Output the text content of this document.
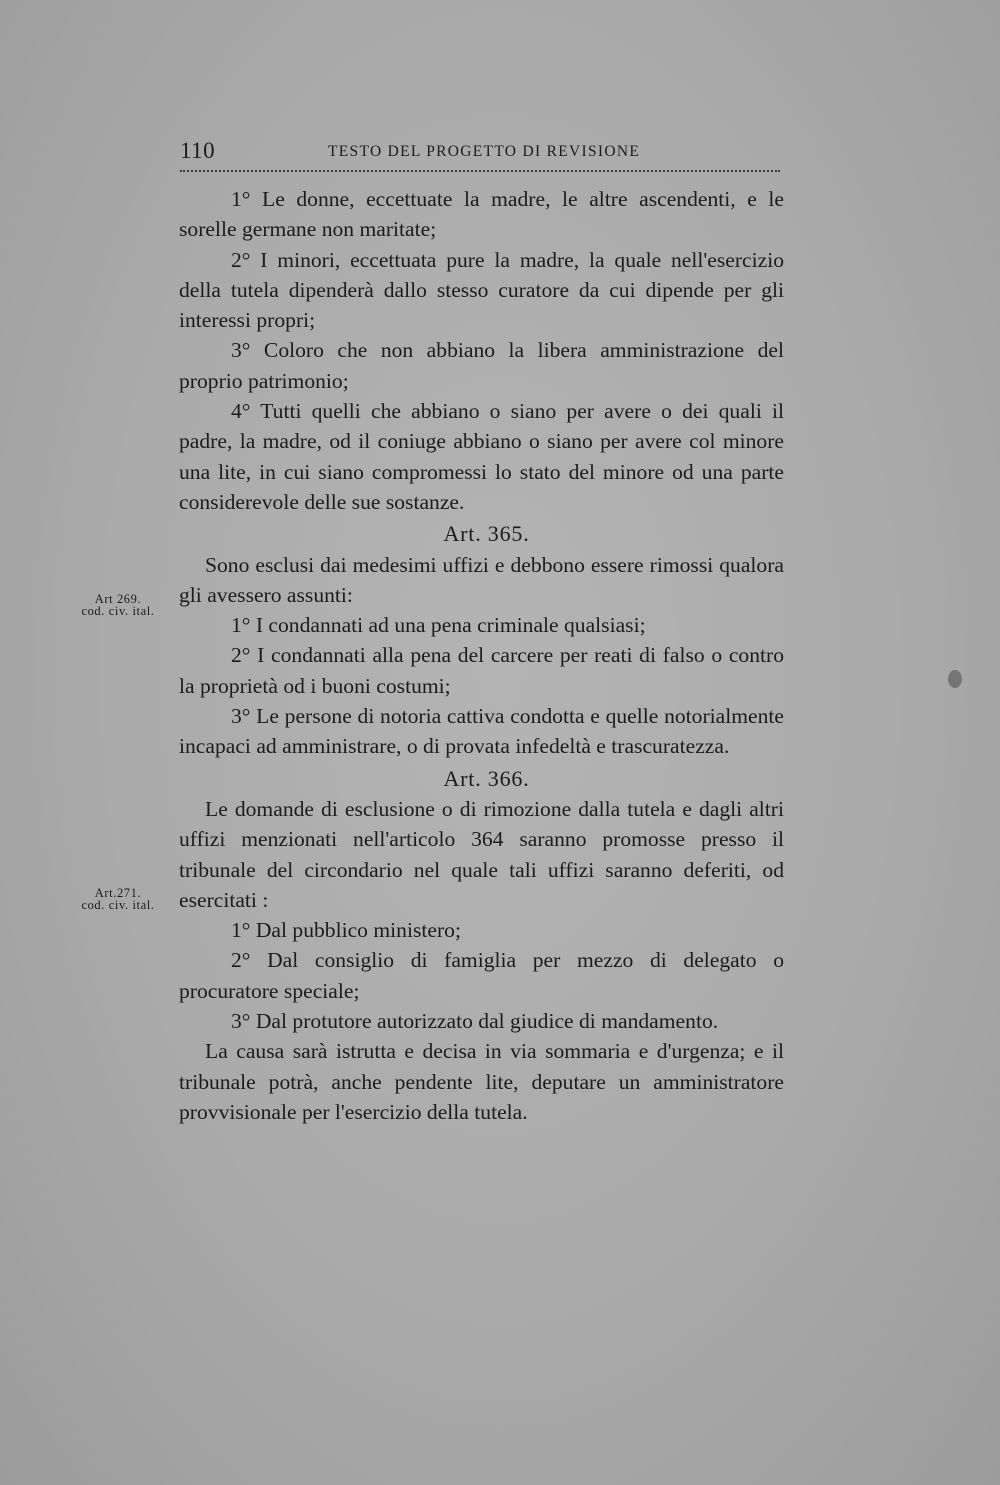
110	TESTO DEL PROGETTO DI REVISIONE
Art 269.
cod. civ. ital.
Art.271.
cod. civ. ital.

1° Le donne, eccettuate la madre, le altre ascendenti, e le sorelle germane non maritate;

2° I minori, eccettuata pure la madre, la quale nell'esercizio della tutela dipenderà dallo stesso curatore da cui dipende per gli interessi propri;

3° Coloro che non abbiano la libera amministrazione del proprio patrimonio;

4° Tutti quelli che abbiano o siano per avere o dei quali il padre, la madre, od il coniuge abbiano o siano per avere col minore una lite, in cui siano compromessi lo stato del minore od una parte considerevole delle sue sostanze.

Art. 365.

Sono esclusi dai medesimi uffizi e debbono essere rimossi qualora gli avessero assunti:

1° I condannati ad una pena criminale qualsiasi;

2° I condannati alla pena del carcere per reati di falso o contro la proprietà od i buoni costumi;

3° Le persone di notoria cattiva condotta e quelle notorialmente incapaci ad amministrare, o di provata infedeltà e trascuratezza.

Art. 366.

Le domande di esclusione o di rimozione dalla tutela e dagli altri uffizi menzionati nell'articolo 364 saranno promosse presso il tribunale del circondario nel quale tali uffizi saranno deferiti, od esercitati :

1° Dal pubblico ministero;

2° Dal consiglio di famiglia per mezzo di delegato o procuratore speciale;

3° Dal protutore autorizzato dal giudice di mandamento.

La causa sarà istrutta e decisa in via sommaria e d'urgenza; e il tribunale potrà, anche pendente lite, deputare un amministratore provvisionale per l'esercizio della tutela.
